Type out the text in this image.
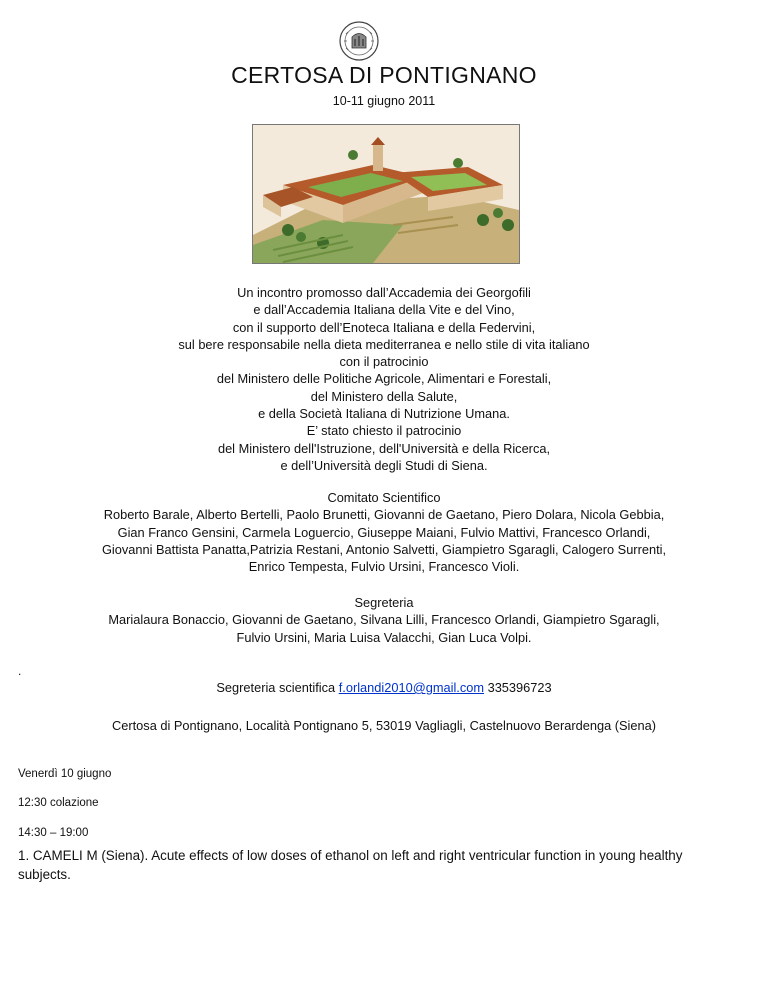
CERTOSA DI PONTIGNANO
10-11 giugno 2011
Un incontro promosso dall’Accademia dei Georgofili
e dall’Accademia Italiana della Vite e del Vino,
con il supporto dell’Enoteca Italiana e della Federvini,
sul bere responsabile nella dieta mediterranea e nello stile di vita italiano
con il patrocinio
del Ministero delle Politiche Agricole, Alimentari e Forestali,
del Ministero della Salute,
e della Società Italiana di Nutrizione Umana.
E’ stato chiesto il patrocinio
del Ministero dell'Istruzione, dell'Università e della Ricerca,
e dell’Università degli Studi di Siena.
Comitato Scientifico
Roberto Barale, Alberto Bertelli, Paolo Brunetti, Giovanni de Gaetano, Piero Dolara, Nicola Gebbia,
Gian Franco Gensini, Carmela Loguercio, Giuseppe Maiani, Fulvio Mattivi, Francesco Orlandi,
Giovanni Battista Panatta,Patrizia Restani, Antonio Salvetti, Giampietro Sgaragli, Calogero Surrenti,
Enrico Tempesta, Fulvio Ursini, Francesco Violi.
Segreteria
Marialaura Bonaccio, Giovanni de Gaetano, Silvana Lilli, Francesco Orlandi, Giampietro Sgaragli,
Fulvio Ursini, Maria Luisa Valacchi, Gian Luca Volpi.
.
Segreteria scientifica f.orlandi2010@gmail.com 335396723
Certosa di Pontignano, Località Pontignano 5, 53019 Vagliagli, Castelnuovo Berardenga (Siena)
Venerdì 10 giugno
12:30 colazione
14:30 – 19:00
1. CAMELI M (Siena). Acute effects of low doses of ethanol on left and right ventricular function in young healthy subjects.
